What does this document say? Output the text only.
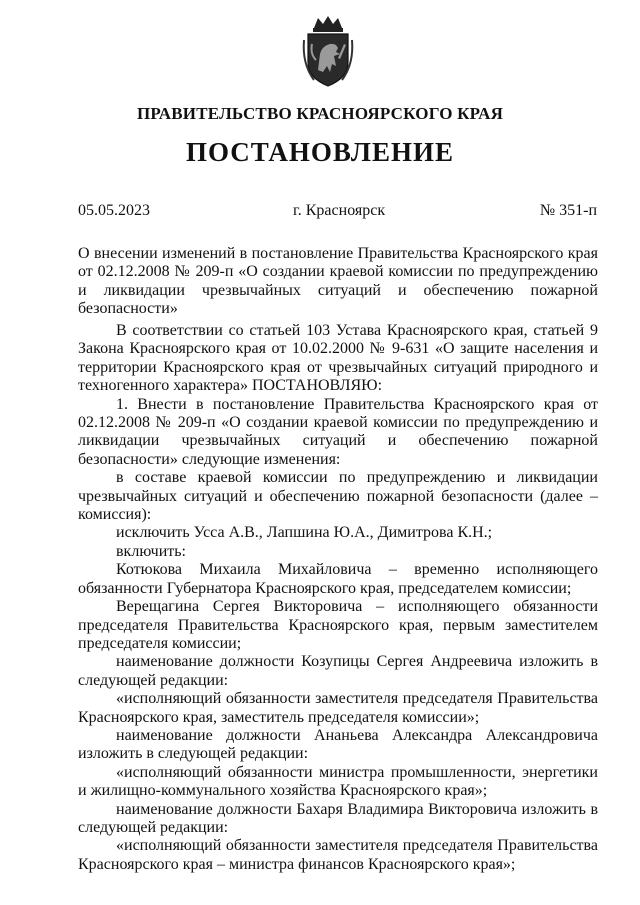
ПРАВИТЕЛЬСТВО КРАСНОЯРСКОГО КРАЯ
ПОСТАНОВЛЕНИЕ
05.05.2023	г. Красноярск	№ 351-п
О внесении изменений в постановление Правительства Красноярского края от 02.12.2008 № 209-п «О создании краевой комиссии по предупреждению и ликвидации чрезвычайных ситуаций и обеспечению пожарной безопасности»

В соответствии со статьей 103 Устава Красноярского края, статьей 9 Закона Красноярского края от 10.02.2000 № 9-631 «О защите населения и территории Красноярского края от чрезвычайных ситуаций природного и техногенного характера» ПОСТАНОВЛЯЮ:

1. Внести в постановление Правительства Красноярского края от 02.12.2008 № 209-п «О создании краевой комиссии по предупреждению и ликвидации чрезвычайных ситуаций и обеспечению пожарной безопасности» следующие изменения:

в составе краевой комиссии по предупреждению и ликвидации чрезвычайных ситуаций и обеспечению пожарной безопасности (далее – комиссия):

исключить Усса А.В., Лапшина Ю.А., Димитрова К.Н.;

включить:

Котюкова Михаила Михайловича – временно исполняющего обязанности Губернатора Красноярского края, председателем комиссии;

Верещагина Сергея Викторовича – исполняющего обязанности председателя Правительства Красноярского края, первым заместителем председателя комиссии;

наименование должности Козупицы Сергея Андреевича изложить в следующей редакции:

«исполняющий обязанности заместителя председателя Правительства Красноярского края, заместитель председателя комиссии»;

наименование должности Ананьева Александра Александровича изложить в следующей редакции:

«исполняющий обязанности министра промышленности, энергетики и жилищно-коммунального хозяйства Красноярского края»;

наименование должности Бахаря Владимира Викторовича изложить в следующей редакции:

«исполняющий обязанности заместителя председателя Правительства Красноярского края – министра финансов Красноярского края»;
